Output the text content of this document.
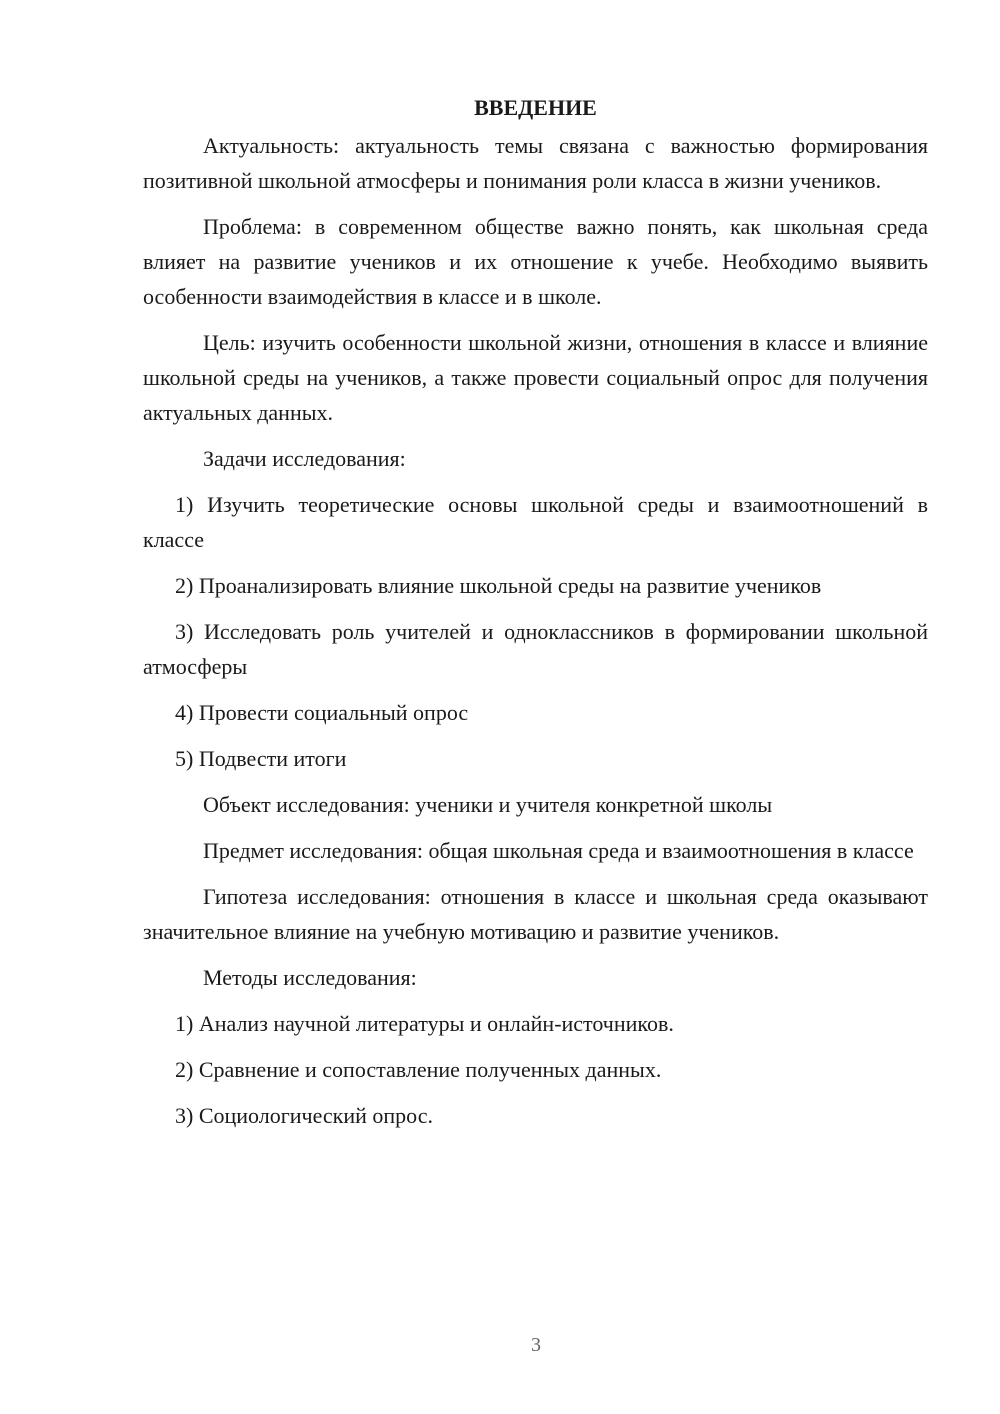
ВВЕДЕНИЕ
Актуальность: актуальность темы связана с важностью формирования позитивной школьной атмосферы и понимания роли класса в жизни учеников.
Проблема: в современном обществе важно понять, как школьная среда влияет на развитие учеников и их отношение к учебе. Необходимо выявить особенности взаимодействия в классе и в школе.
Цель: изучить особенности школьной жизни, отношения в классе и влияние школьной среды на учеников, а также провести социальный опрос для получения актуальных данных.
Задачи исследования:
1) Изучить теоретические основы школьной среды и взаимоотношений в классе
2) Проанализировать влияние школьной среды на развитие учеников
3) Исследовать роль учителей и одноклассников в формировании школьной атмосферы
4) Провести социальный опрос
5) Подвести итоги
Объект исследования: ученики и учителя конкретной школы
Предмет исследования: общая школьная среда и взаимоотношения в классе
Гипотеза исследования: отношения в классе и школьная среда оказывают значительное влияние на учебную мотивацию и развитие учеников.
Методы исследования:
1) Анализ научной литературы и онлайн-источников.
2) Сравнение и сопоставление полученных данных.
3) Социологический опрос.
3
